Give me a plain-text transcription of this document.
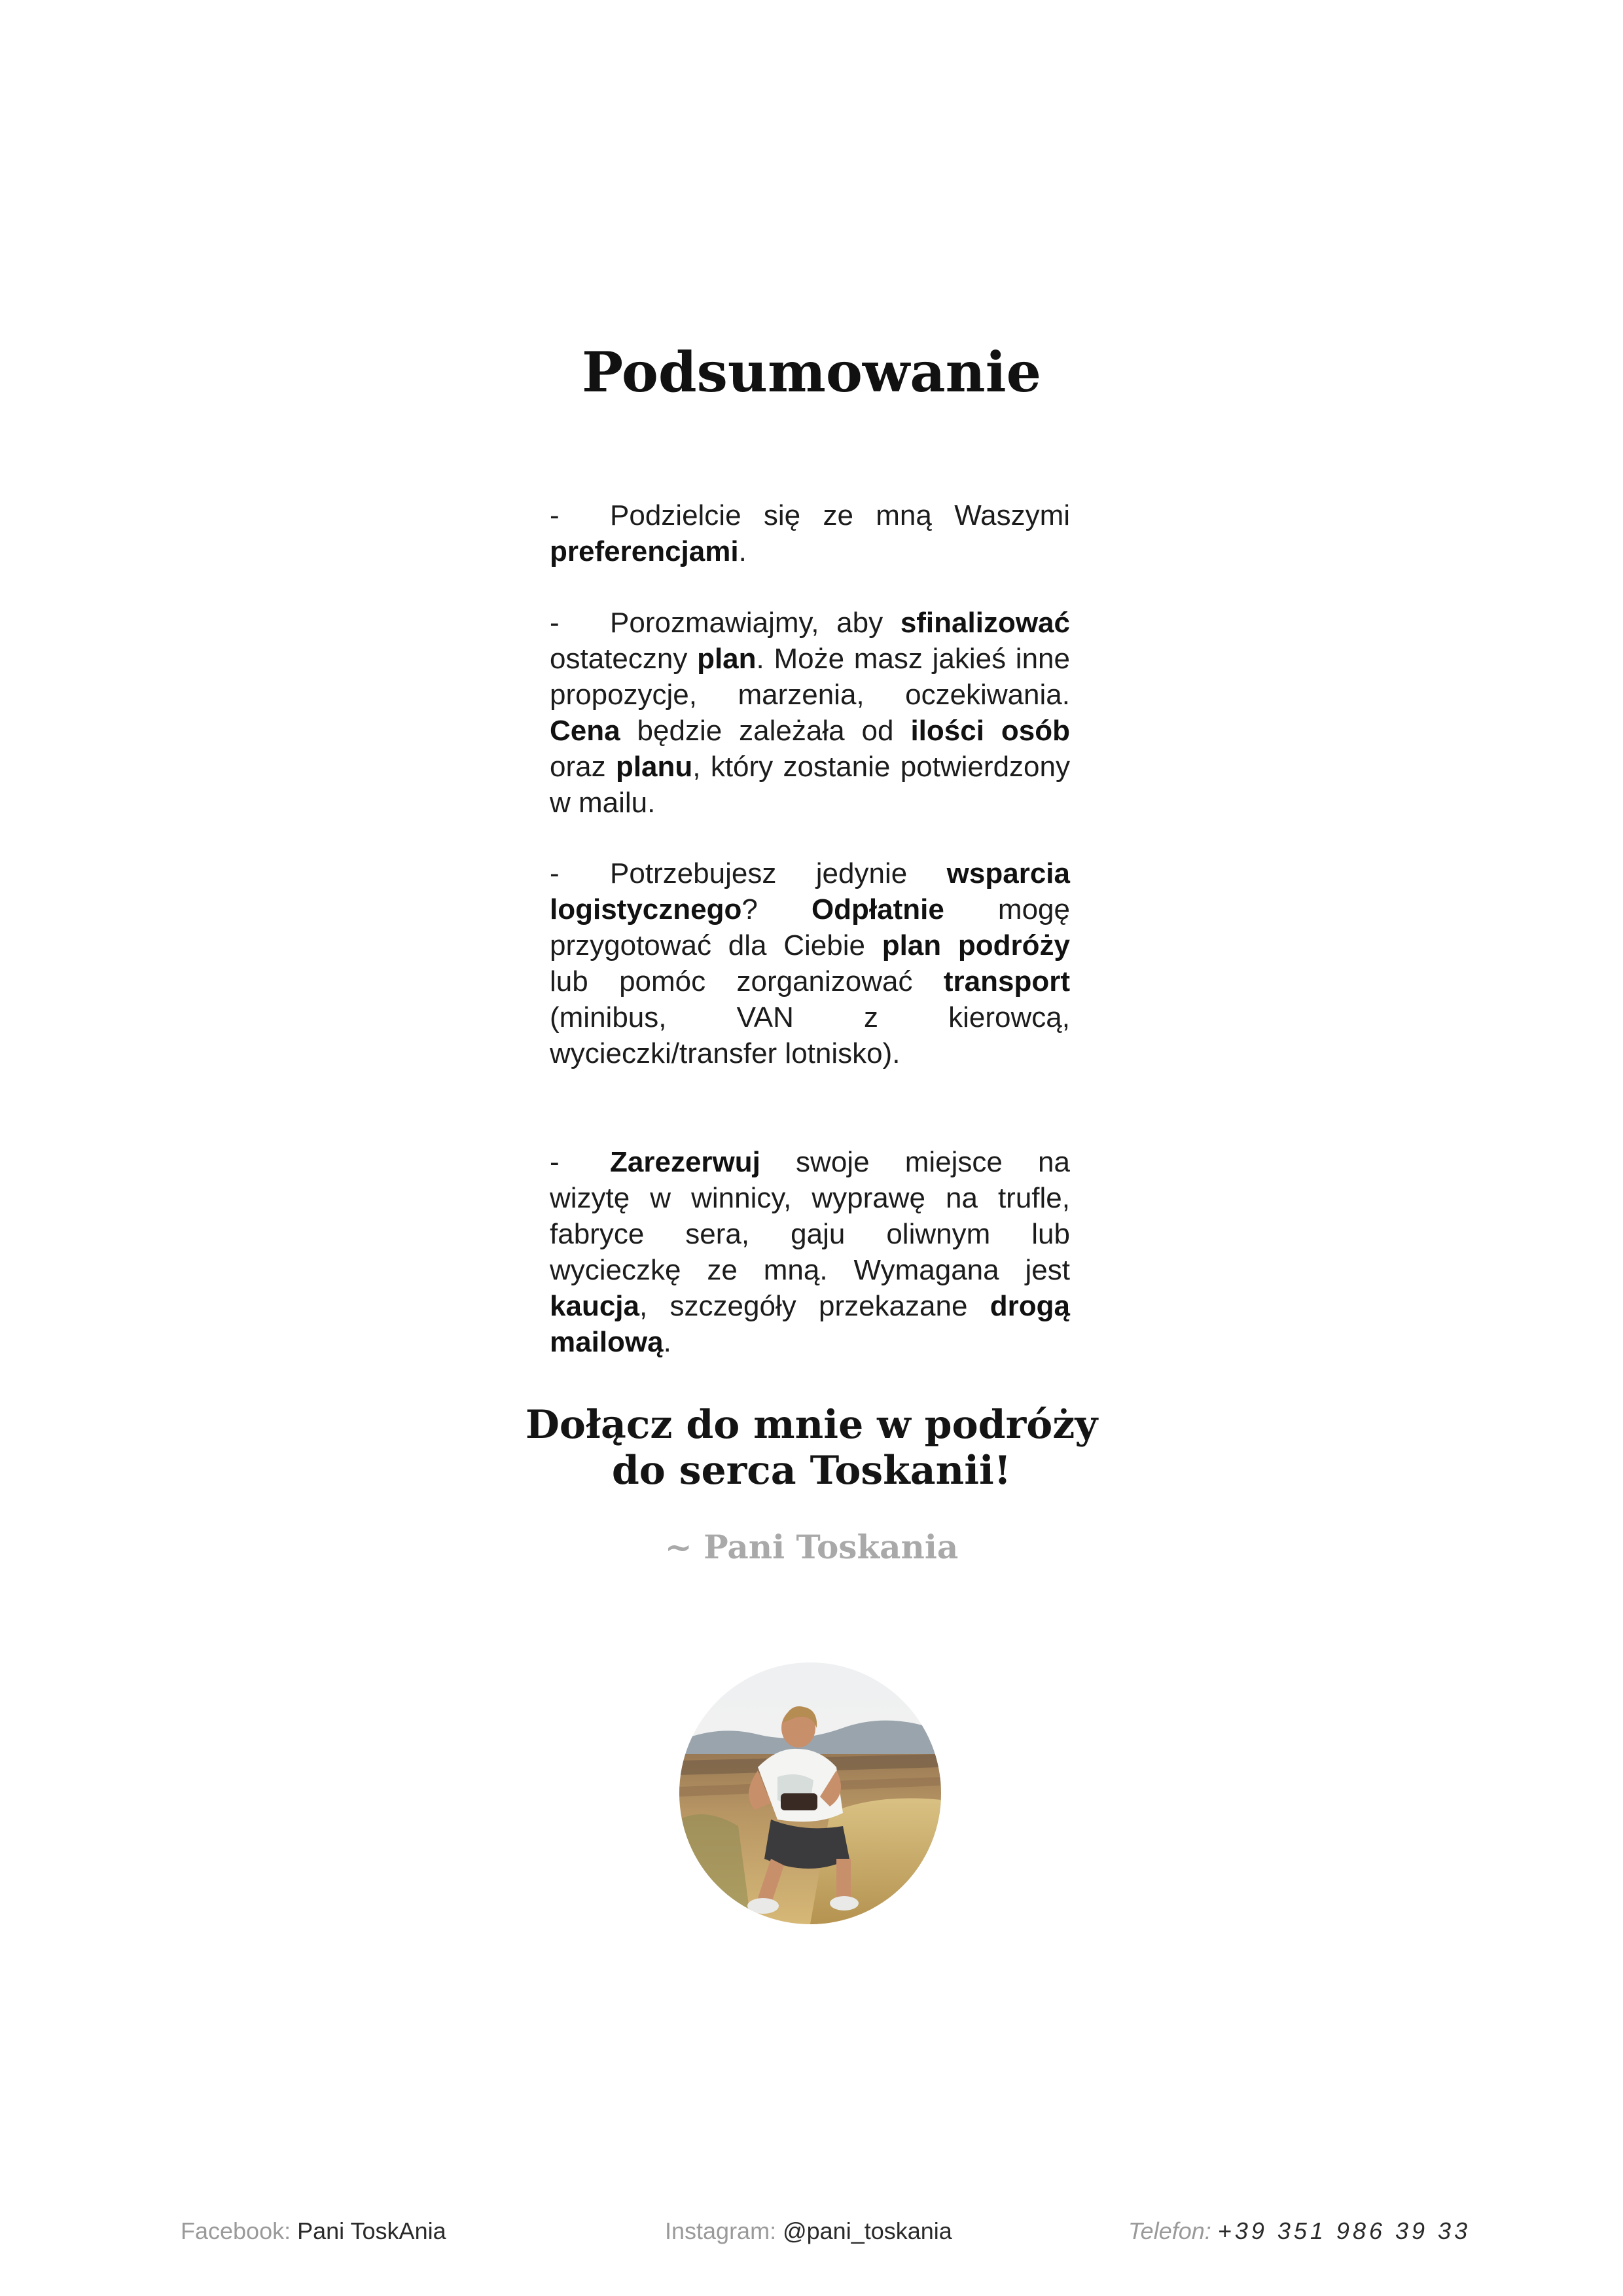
Podsumowanie

- Podzielcie się ze mną Waszymi preferencjami.

- Porozmawiajmy, aby sfinalizować ostateczny plan. Może masz jakieś inne propozycje, marzenia, oczekiwania. Cena będzie zależała od ilości osób oraz planu, który zostanie potwierdzony w mailu.

- Potrzebujesz jedynie wsparcia logistycznego? Odpłatnie mogę przygotować dla Ciebie plan podróży lub pomóc zorganizować transport (minibus, VAN z kierowcą, wycieczki/transfer lotnisko).

- Zarezerwuj swoje miejsce na wizytę w winnicy, wyprawę na trufle, fabryce sera, gaju oliwnym lub wycieczkę ze mną. Wymagana jest kaucja, szczegóły przekazane drogą mailową.

Dołącz do mnie w podróży
do serca Toskanii!

~ Pani Toskania

Facebook: Pani ToskAnia	Instagram: @pani_toskania	Telefon: +39 351 986 39 33
